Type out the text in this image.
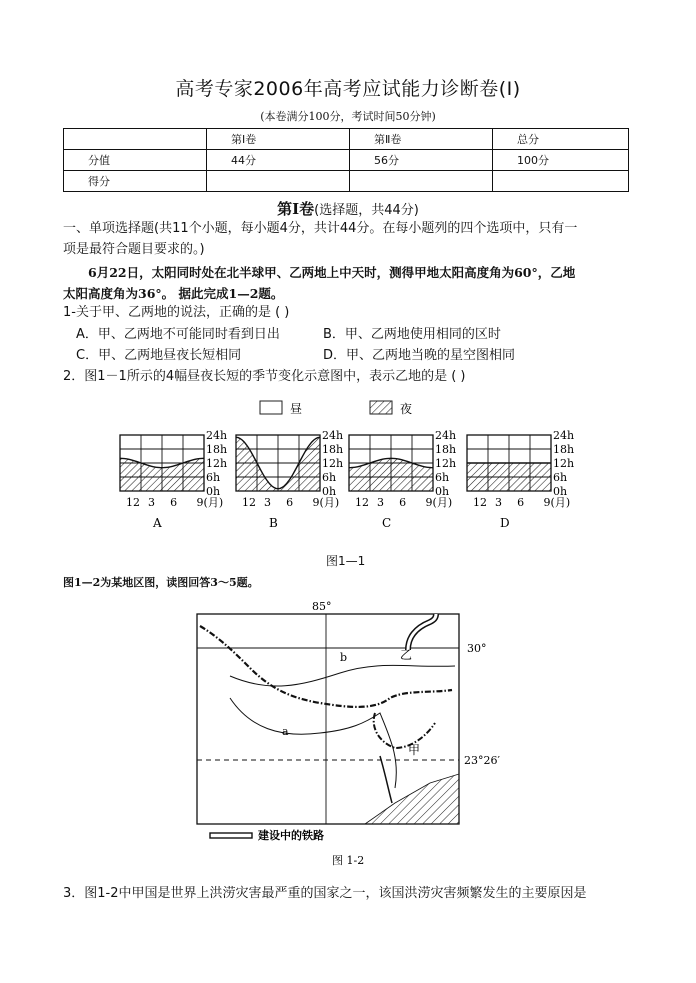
高考专家2006年高考应试能力诊断卷(Ⅰ)
(本卷满分100分，考试时间50分钟)
	第Ⅰ卷	第Ⅱ卷	总分
分值	44分	56分	100分
得分			
第Ⅰ卷(选择题，共44分)
一、单项选择题(共11个小题，每小题4分，共计44分。在每小题列的四个选项中，只有一
项是最符合题目要求的。)
6月22日，太阳同时处在北半球甲、乙两地上中天时，测得甲地太阳高度角为60°，乙地
太阳高度角为36°。 据此完成1—2题。
1-关于甲、乙两地的说法，正确的是 ( )
A．甲、乙两地不可能同时看到日出	B．甲、乙两地使用相同的区时
C．甲、乙两地昼夜长短相同	D．甲、乙两地当晚的星空图相同
2．图1－1所示的4幅昼夜长短的季节变化示意图中，表示乙地的是 ( )
昼	夜
24h
18h
12h
6h
0h
12 3 6 9(月)
A
24h
18h
12h
6h
0h
12 3 6 9(月)
B
24h
18h
12h
6h
0h
12 3 6 9(月)
C
24h
18h
12h
6h
0h
12 3 6 9(月)
D
图1—1
图1—2为某地区图，读图回答3～5题。
85°
30°
23°26′
乙
b
a
甲
建设中的铁路
图 1-2
3．图1-2中甲国是世界上洪涝灾害最严重的国家之一，该国洪涝灾害频繁发生的主要原因是
